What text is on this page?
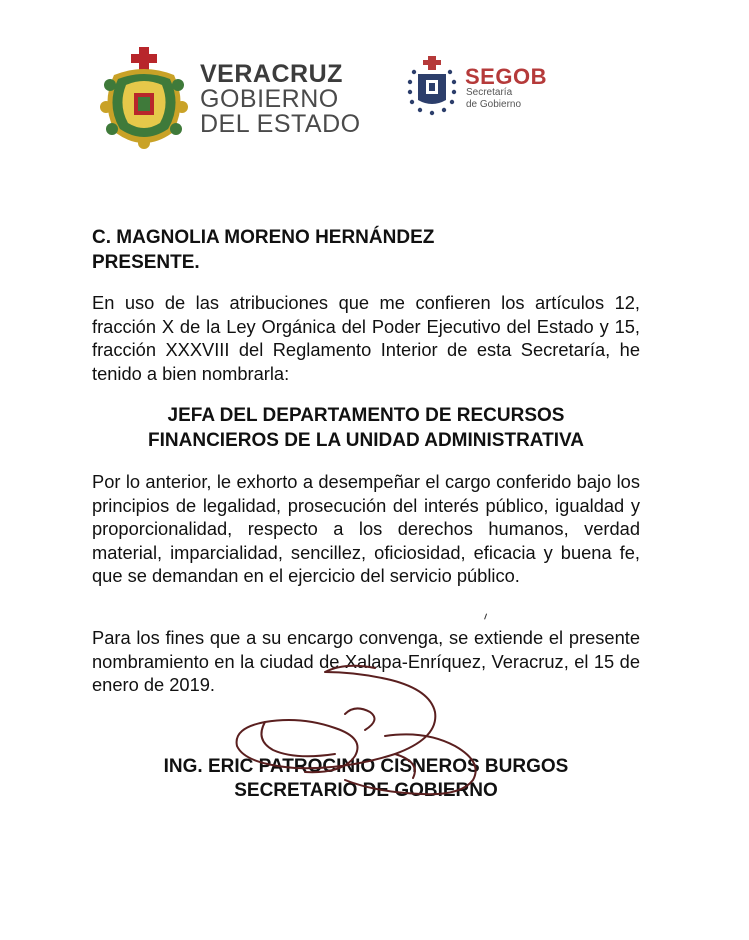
VERACRUZ
GOBIERNO
DEL ESTADO
SEGOB
Secretaría
de Gobierno
C. MAGNOLIA MORENO HERNÁNDEZ
PRESENTE.
En uso de las atribuciones que me confieren los artículos 12, fracción X de la Ley Orgánica del Poder Ejecutivo del Estado y 15, fracción XXXVIII del Reglamento Interior de esta Secretaría, he tenido a bien nombrarla:
JEFA DEL DEPARTAMENTO DE RECURSOS
FINANCIEROS DE LA UNIDAD ADMINISTRATIVA
Por lo anterior, le exhorto a desempeñar el cargo conferido bajo los principios de legalidad, prosecución del interés público, igualdad y proporcionalidad, respecto a los derechos humanos, verdad material, imparcialidad, sencillez, oficiosidad, eficacia y buena fe, que se demandan en el ejercicio del servicio público.
Para los fines que a su encargo convenga, se extiende el presente nombramiento en la ciudad de Xalapa-Enríquez, Veracruz, el 15 de enero de 2019.
ING. ERIC PATROCINIO CISNEROS BURGOS
SECRETARIO DE GOBIERNO
